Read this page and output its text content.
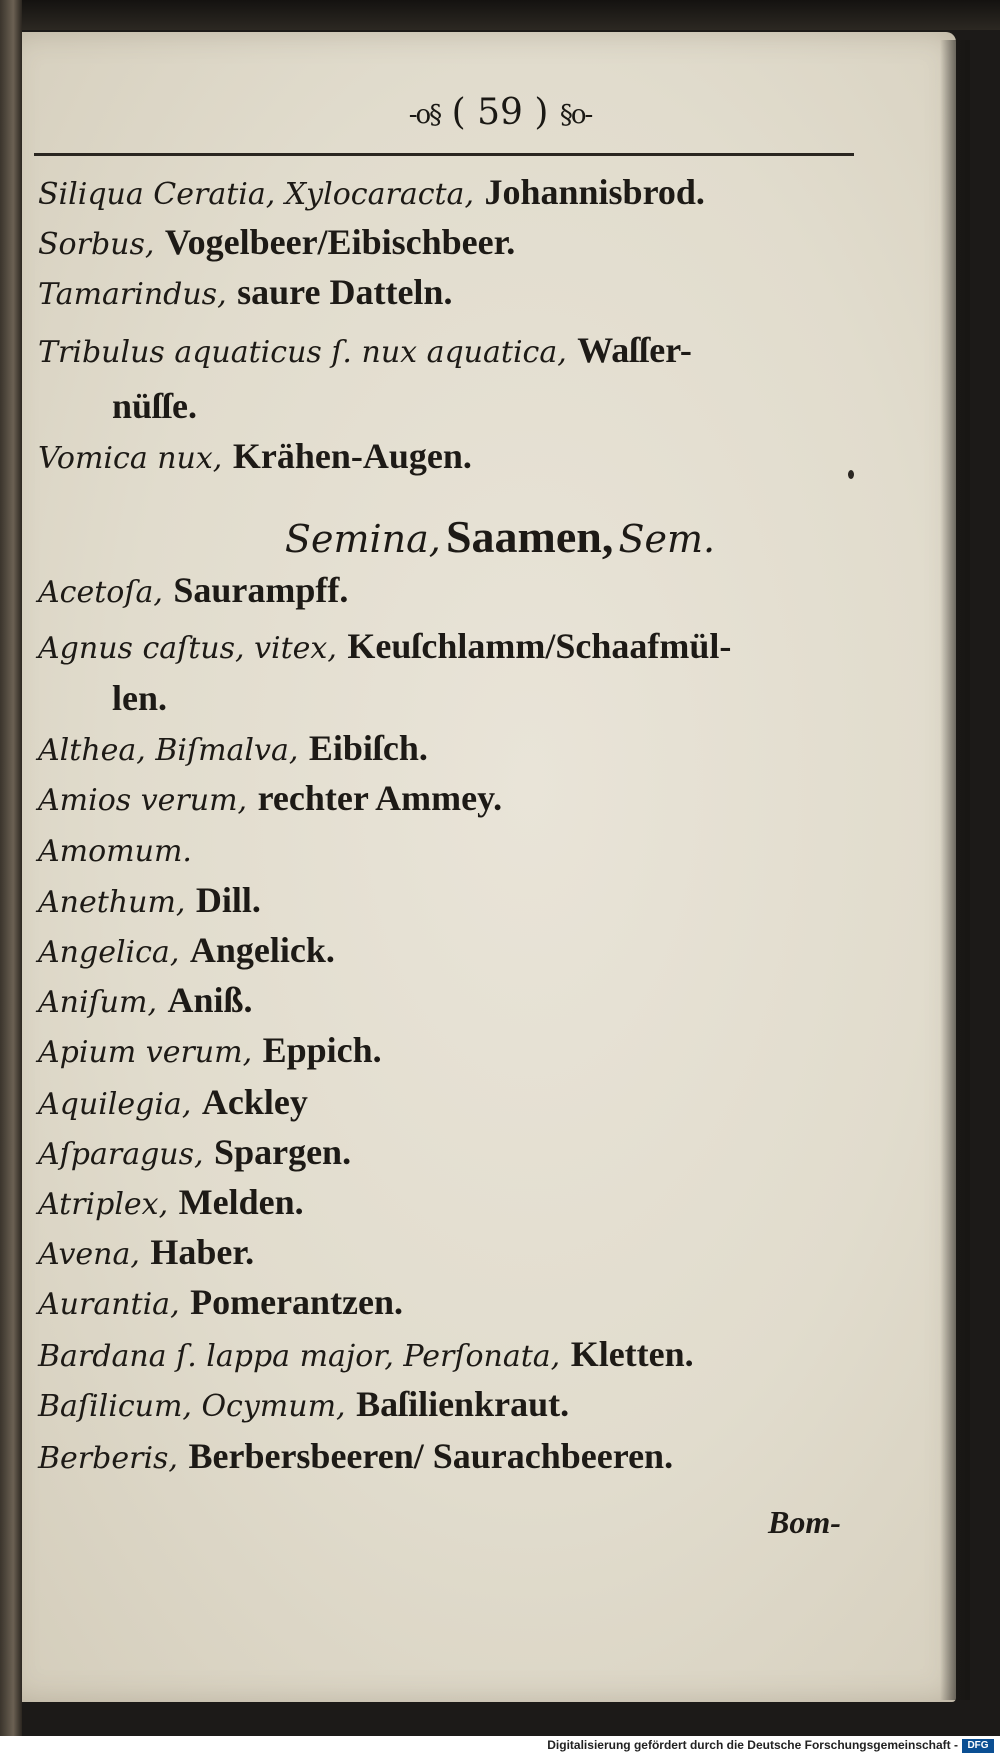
-o§ ( 59 ) §o-
Siliqua Ceratia, Xylocaracta, Johannisbrod.
Sorbus, Vogelbeer/Eibischbeer.
Tamarindus, saure Datteln.
Tribulus aquaticus ſ. nux aquatica, Waſſer-
nüſſe.
Vomica nux, Krähen-Augen.
Semina, Saamen, Sem.
Acetoſa, Saurampff.
Agnus caſtus, vitex, Keuſchlamm/Schaafmül-
len.
Althea, Biſmalva, Eibiſch.
Amios verum, rechter Ammey.
Amomum.
Anethum, Dill.
Angelica, Angelick.
Aniſum, Aniß.
Apium verum, Eppich.
Aquilegia, Ackley
Aſparagus, Spargen.
Atriplex, Melden.
Avena, Haber.
Aurantia, Pomerantzen.
Bardana ſ. lappa major, Perſonata, Kletten.
Baſilicum, Ocymum, Baſilienkraut.
Berberis, Berbersbeeren/ Saurachbeeren.
Bom-
Digitalisierung gefördert durch die Deutsche Forschungsgemeinschaft - DFG
